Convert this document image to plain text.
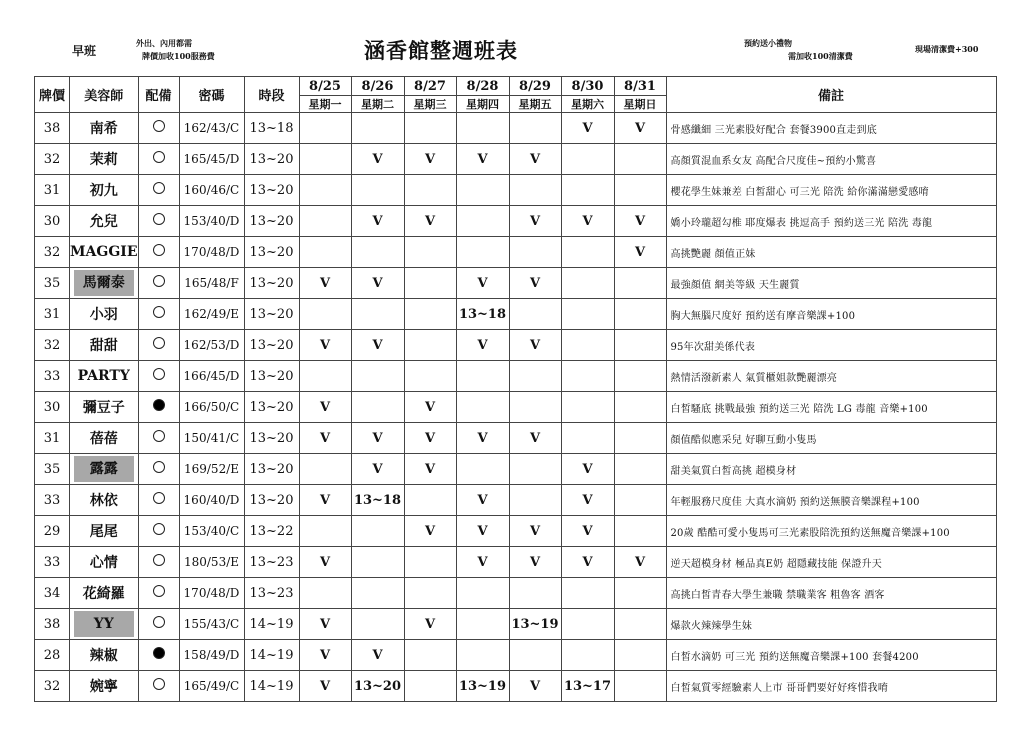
早班
外出、內用都需
牌價加收100服務費	涵香館整週班表	預約送小禮物
需加收100清潔費
現場清潔費+300
牌價	美容師	配備	密碼	時段	8/25	8/26	8/27	8/28	8/29	8/30	8/31	備註
					星期一	星期二	星期三	星期四	星期五	星期六	星期日	
38	南希		162/43/C	13~18						V	V	骨感纖細 三光素股好配合 套餐3900直走到底
32	茉莉		165/45/D	13~20		V	V	V	V			高顏質混血系女友 高配合尺度佳~預約小驚喜
31	初九		160/46/C	13~20								櫻花學生妹兼差 白皙甜心 可三光 陪洗 給你滿滿戀愛感唷
30	允兒		153/40/D	13~20		V	V		V	V	V	嬌小玲瓏超勾椎 耶度爆表 挑逗高手 預約送三光 陪洗 毒龍
32	MAGGIE		170/48/D	13~20							V	高挑艷麗 顏值正妹
35	馬爾泰		165/48/F	13~20	V	V		V	V			最強顏值 網美等級 天生麗質
31	小羽		162/49/E	13~20				13~18				胸大無腦尺度好 預約送有摩音樂課+100
32	甜甜		162/53/D	13~20	V	V		V	V			95年次甜美係代表
33	PARTY		166/45/D	13~20								熱情活潑新素人 氣質櫃姐款艷麗漂亮
30	彌豆子		166/50/C	13~20	V		V					白皙騷底 挑戰最強 預約送三光 陪洗 LG 毒龍 音樂+100
31	蓓蓓		150/41/C	13~20	V	V	V	V	V			顏值酷似應采兒 好聊互動小隻馬
35	露露		169/52/E	13~20		V	V			V		甜美氣質白皙高挑 超模身材
33	林依		160/40/D	13~20	V	13~18		V		V		年輕服務尺度佳 大真水滴奶 預約送無膜音樂課程+100
29	尾尾		153/40/C	13~22			V	V	V	V		20歲 酷酷可愛小隻馬可三光素股陪洗預約送無魔音樂課+100
33	心情		180/53/E	13~23	V			V	V	V	V	逆天超模身材 極品真E奶 超隱藏技能 保證升天
34	花綺羅		170/48/D	13~23								高挑白皙青春大學生兼職 禁職業客 粗魯客 酒客
38	YY		155/43/C	14~19	V		V		13~19			爆款火辣辣學生妹
28	辣椒		158/49/D	14~19	V	V						白皙水滴奶 可三光 預約送無魔音樂課+100 套餐4200
32	婉寧		165/49/C	14~19	V	13~20		13~19	V	13~17		白皙氣質零經驗素人上市 哥哥們要好好疼惜我唷
